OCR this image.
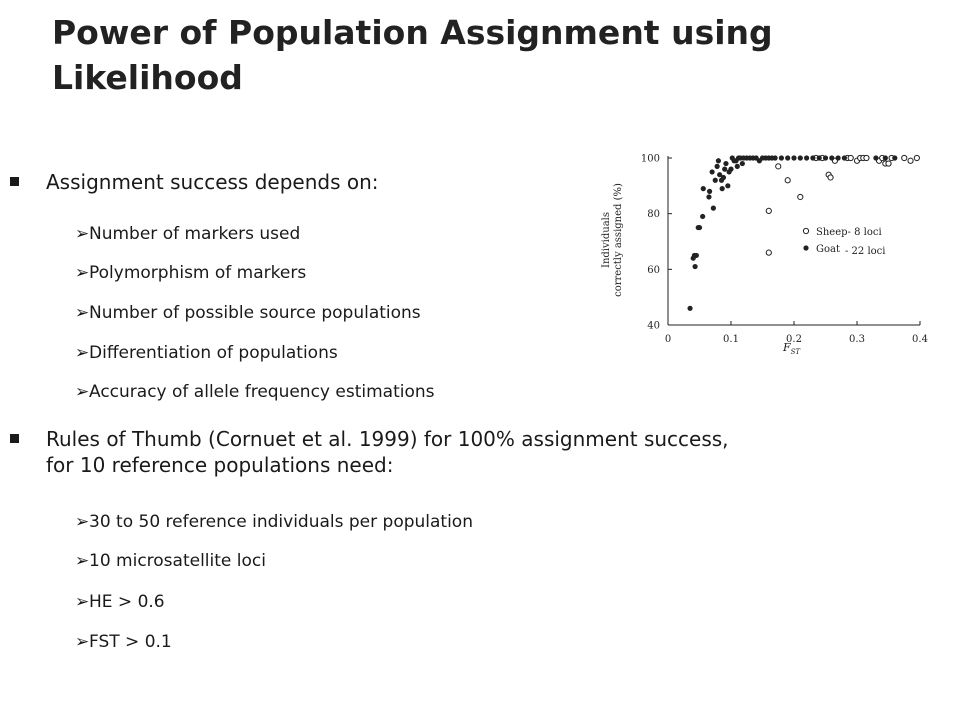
Power of Population Assignment using Likelihood
Assignment success depends on:
➢ Number of markers used
➢ Polymorphism of markers
➢ Number of possible source populations
➢ Differentiation of populations
➢ Accuracy of allele frequency estimations
Rules of Thumb (Cornuet et al. 1999) for 100% assignment success,
for 10 reference populations need:
➢ 30 to 50 reference individuals per population
➢ 10 microsatellite loci
➢ HE > 0.6
➢ FST > 0.1
40
60
80
100
0	0.1	0.2	0.3	0.4
Individuals correctly assigned (%)
$F_{ST}$
Sheep- 8 loci
Goat - 22 loci
